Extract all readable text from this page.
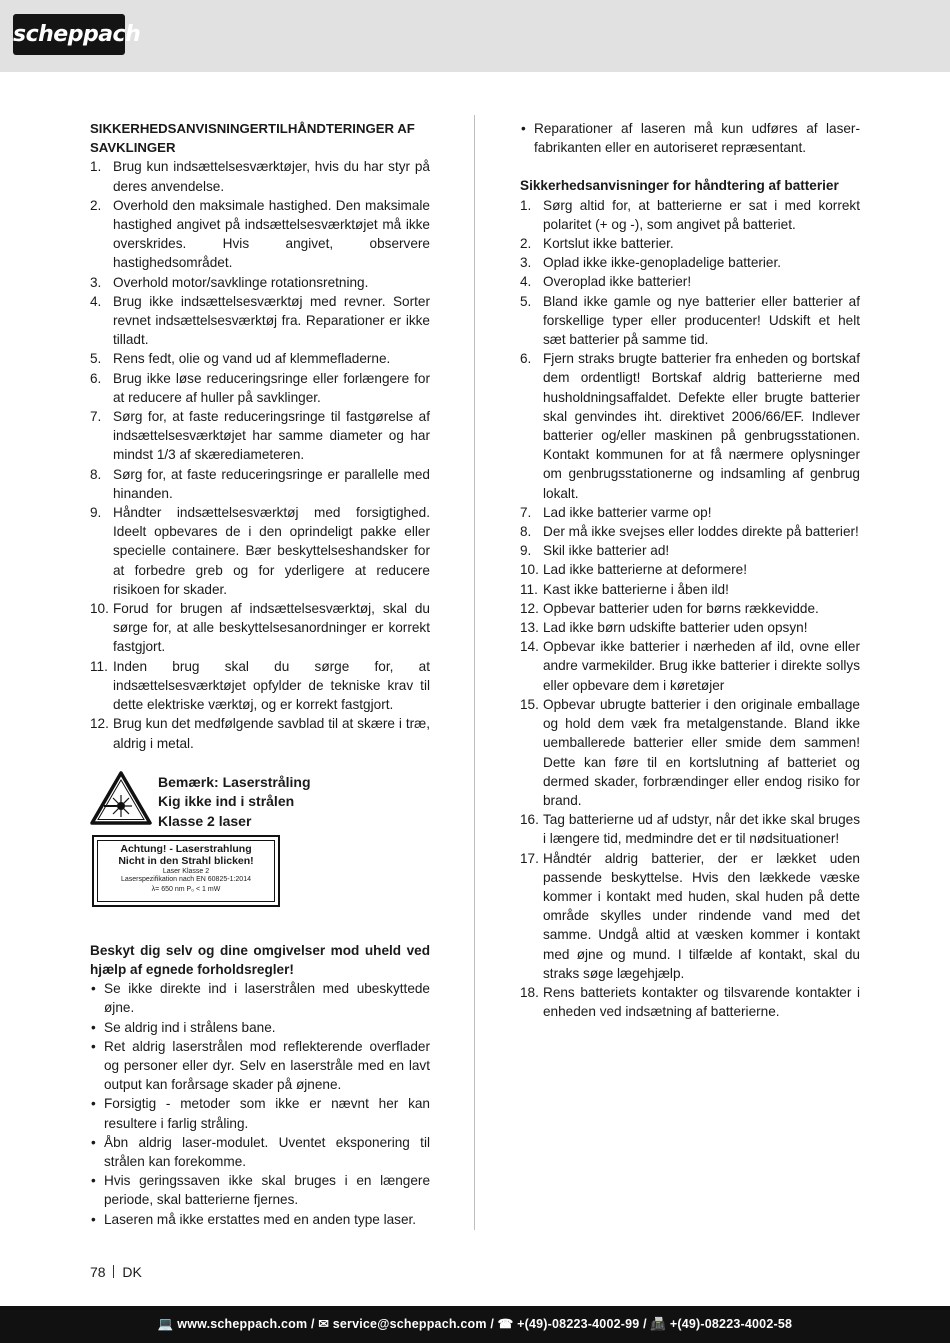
scheppach
SIKKERHEDSANVISNINGERTILHÅNDTERINGER AF SAVKLINGER
1. Brug kun indsættelsesværktøjer, hvis du har styr på deres anvendelse.
2. Overhold den maksimale hastighed. Den maksimale hastighed angivet på indsættelsesværktøjet må ikke overskrides. Hvis angivet, observere hastighedsområdet.
3. Overhold motor/savklinge rotationsretning.
4. Brug ikke indsættelsesværktøj med revner. Sorter revnet indsættelsesværktøj fra. Reparationer er ikke tilladt.
5. Rens fedt, olie og vand ud af klemmefladerne.
6. Brug ikke løse reduceringsringe eller forlængere for at reducere af huller på savklinger.
7. Sørg for, at faste reduceringsringe til fastgørelse af indsættelsesværktøjet har samme diameter og har mindst 1/3 af skærediameteren.
8. Sørg for, at faste reduceringsringe er parallelle med hinanden.
9. Håndter indsættelsesværktøj med forsigtighed. Ideelt opbevares de i den oprindeligt pakke eller specielle containere. Bær beskyttelseshandsker for at forbedre greb og for yderligere at reducere risikoen for skader.
10. Forud for brugen af indsættelsesværktøj, skal du sørge for, at alle beskyttelsesanordninger er korrekt fastgjort.
11. Inden brug skal du sørge for, at indsættelsesværktøjet opfylder de tekniske krav til dette elektriske værktøj, og er korrekt fastgjort.
12. Brug kun det medfølgende savblad til at skære i træ, aldrig i metal.
Bemærk: Laserstråling
Kig ikke ind i strålen
Klasse 2 laser
Achtung! - Laserstrahlung
Nicht in den Strahl blicken!
Laser Klasse 2
Laserspezifikation nach EN 60825-1:2014
λ= 650 nm P₀ < 1 mW
Beskyt dig selv og dine omgivelser mod uheld ved hjælp af egnede forholdsregler!
• Se ikke direkte ind i laserstrålen med ubeskyttede øjne.
• Se aldrig ind i strålens bane.
• Ret aldrig laserstrålen mod reflekterende overflader og personer eller dyr. Selv en laserstråle med en lavt output kan forårsage skader på øjnene.
• Forsigtig - metoder som ikke er nævnt her kan resultere i farlig stråling.
• Åbn aldrig laser-modulet. Uventet eksponering til strålen kan forekomme.
• Hvis geringssaven ikke skal bruges i en længere periode, skal batterierne fjernes.
• Laseren må ikke erstattes med en anden type laser.
• Reparationer af laseren må kun udføres af laser-fabrikanten eller en autoriseret repræsentant.
Sikkerhedsanvisninger for håndtering af batterier
1. Sørg altid for, at batterierne er sat i med korrekt polaritet (+ og -), som angivet på batteriet.
2. Kortslut ikke batterier.
3. Oplad ikke ikke-genopladelige batterier.
4. Overoplad ikke batterier!
5. Bland ikke gamle og nye batterier eller batterier af forskellige typer eller producenter! Udskift et helt sæt batterier på samme tid.
6. Fjern straks brugte batterier fra enheden og bortskaf dem ordentligt! Bortskaf aldrig batterierne med husholdningsaffaldet. Defekte eller brugte batterier skal genvindes iht. direktivet 2006/66/EF. Indlever batterier og/eller maskinen på genbrugsstationen. Kontakt kommunen for at få nærmere oplysninger om genbrugsstationerne og indsamling af genbrug lokalt.
7. Lad ikke batterier varme op!
8. Der må ikke svejses eller loddes direkte på batterier!
9. Skil ikke batterier ad!
10. Lad ikke batterierne at deformere!
11. Kast ikke batterierne i åben ild!
12. Opbevar batterier uden for børns rækkevidde.
13. Lad ikke børn udskifte batterier uden opsyn!
14. Opbevar ikke batterier i nærheden af ild, ovne eller andre varmekilder. Brug ikke batterier i direkte sollys eller opbevare dem i køretøjer
15. Opbevar ubrugte batterier i den originale emballage og hold dem væk fra metalgenstande. Bland ikke uemballerede batterier eller smide dem sammen! Dette kan føre til en kortslutning af batteriet og dermed skader, forbrændinger eller endog risiko for brand.
16. Tag batterierne ud af udstyr, når det ikke skal bruges i længere tid, medmindre det er til nødsituationer!
17. Håndtér aldrig batterier, der er lækket uden passende beskyttelse. Hvis den lækkede væske kommer i kontakt med huden, skal huden på dette område skylles under rindende vand med det samme. Undgå altid at væsken kommer i kontakt med øjne og mund. I tilfælde af kontakt, skal du straks søge lægehjælp.
18. Rens batteriets kontakter og tilsvarende kontakter i enheden ved indsætning af batterierne.
78 DK
💻 www.scheppach.com / ✉ service@scheppach.com / ☎ +(49)-08223-4002-99 / 📠 +(49)-08223-4002-58
